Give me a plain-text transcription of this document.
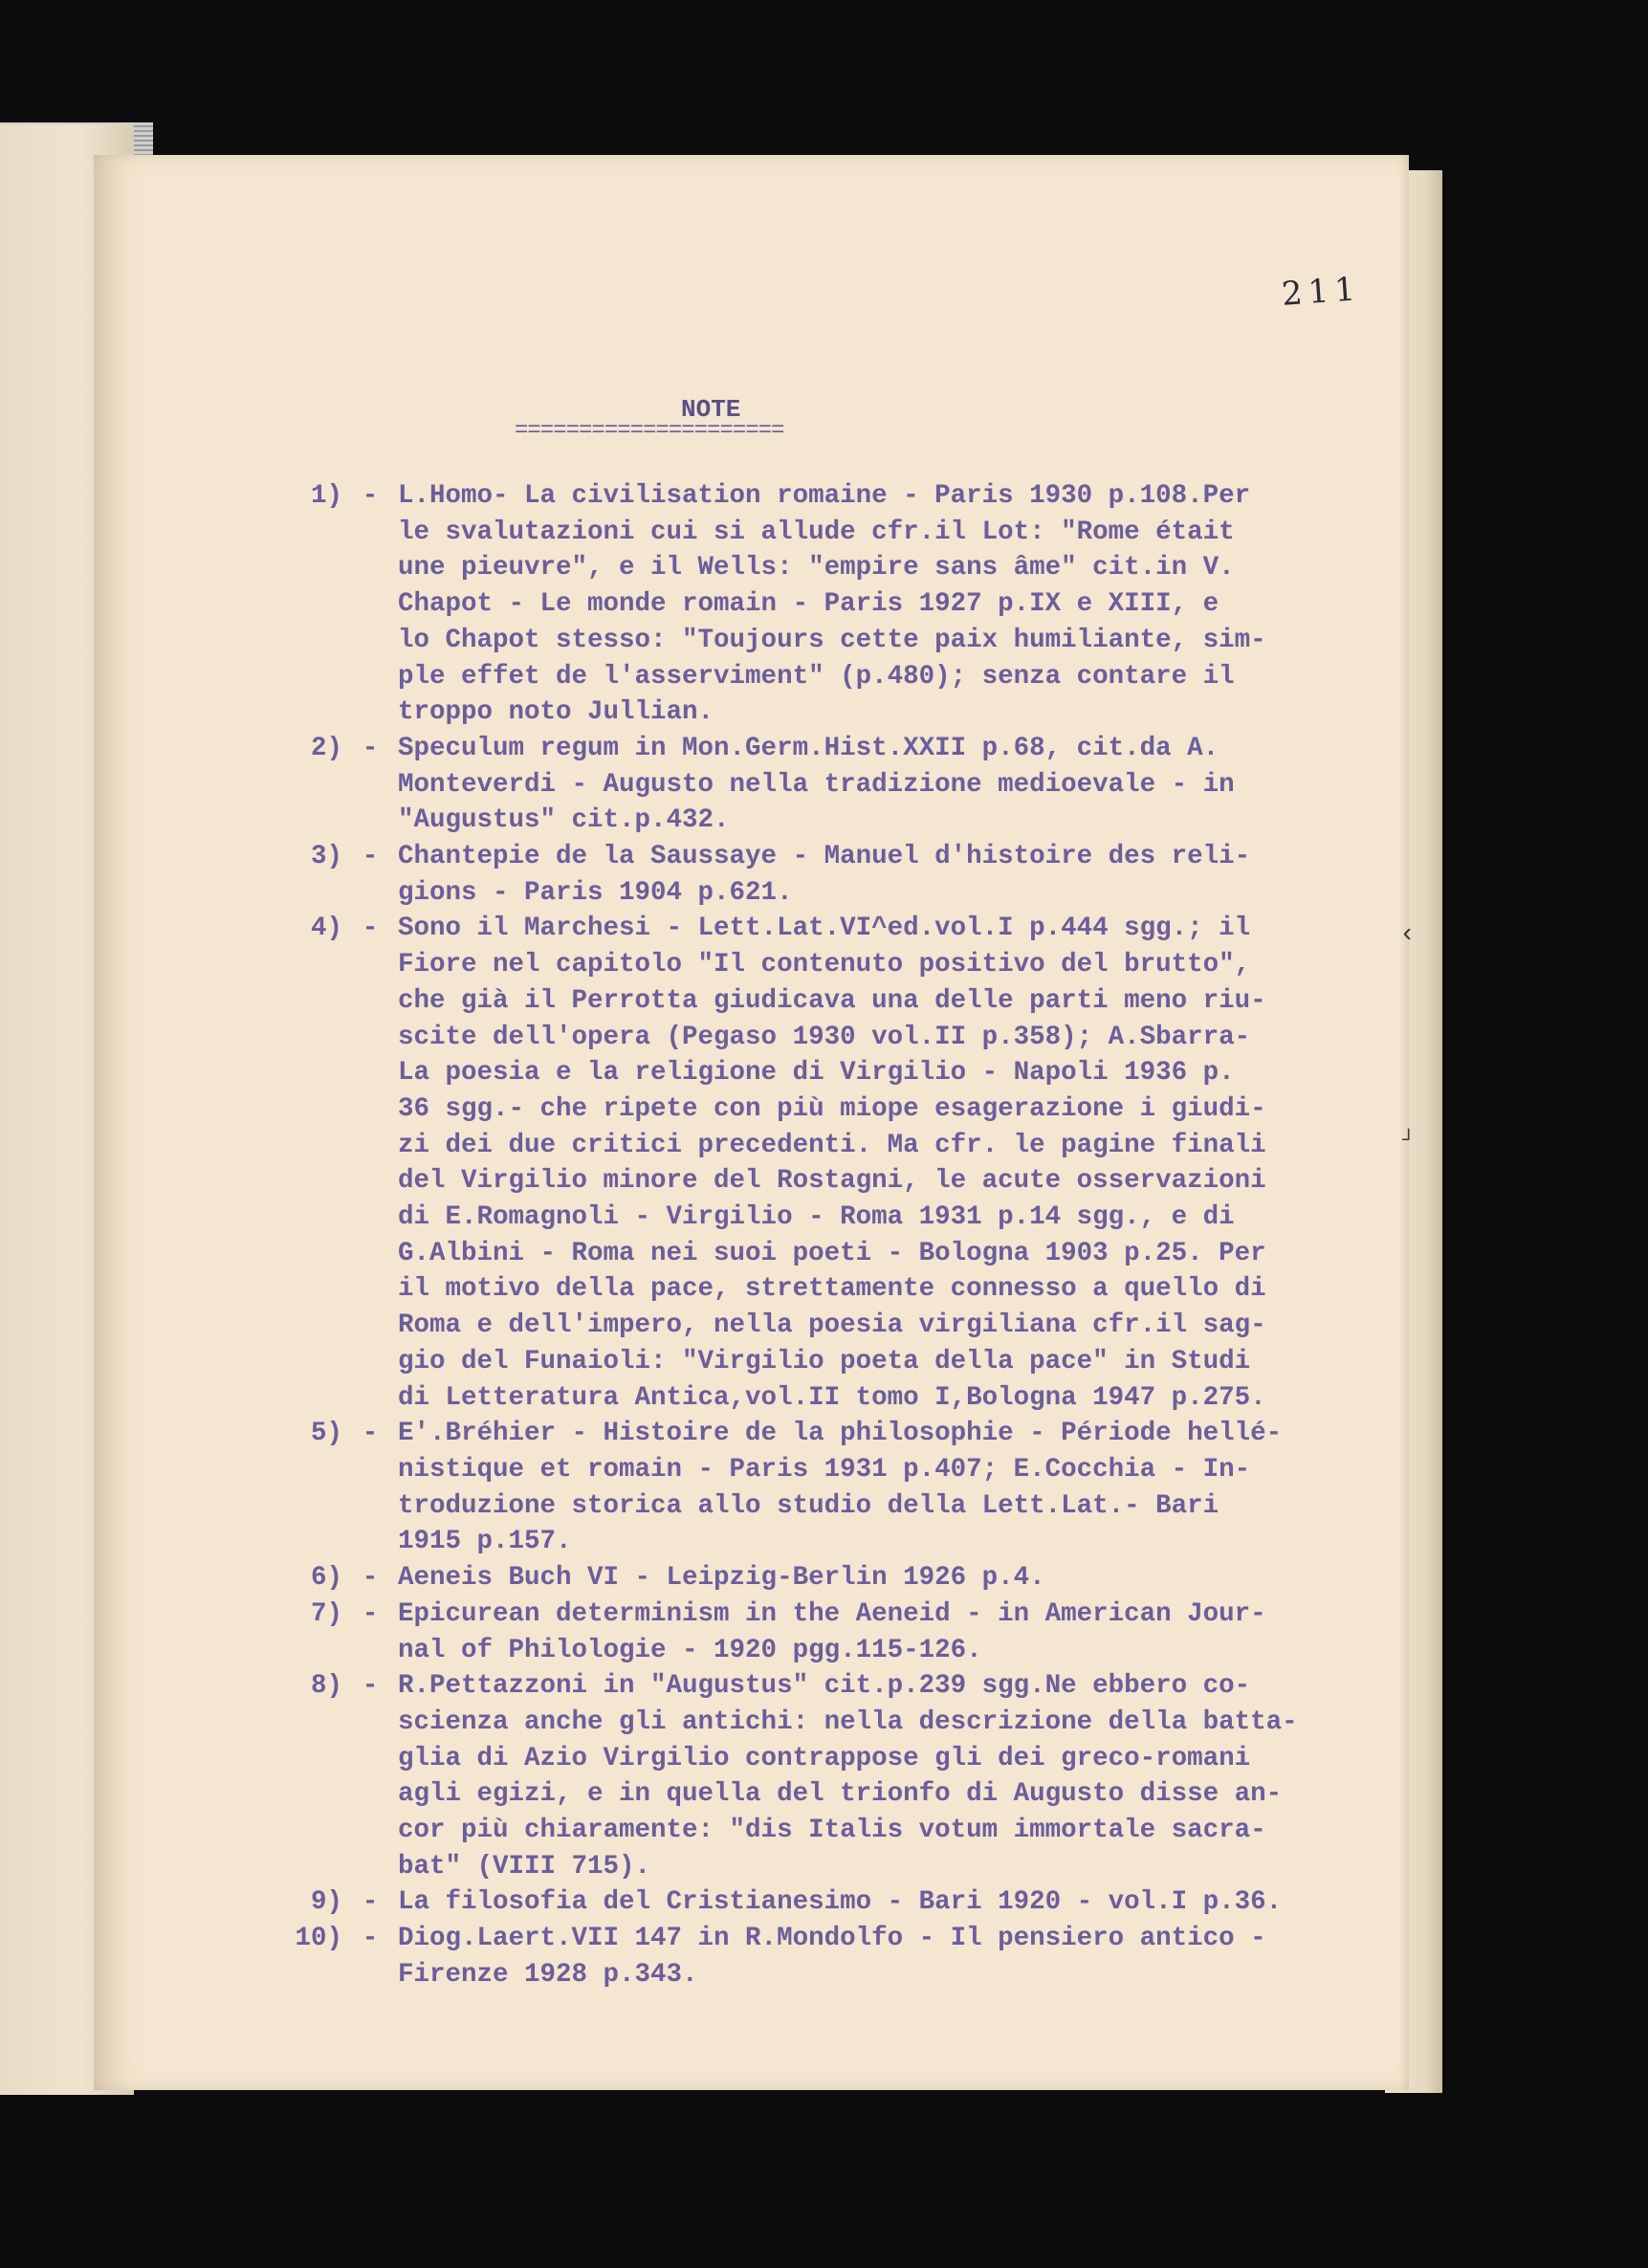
211
NOTE
=====================
1) - L.Homo- La civilisation romaine - Paris 1930 p.108.Per
le svalutazioni cui si allude cfr.il Lot: "Rome était
une pieuvre", e il Wells: "empire sans âme" cit.in V.
Chapot - Le monde romain - Paris 1927 p.IX e XIII, e
lo Chapot stesso: "Toujours cette paix humiliante, sim-
ple effet de l'asserviment" (p.480); senza contare il
troppo noto Jullian.
2) - Speculum regum in Mon.Germ.Hist.XXII p.68, cit.da A.
Monteverdi - Augusto nella tradizione medioevale - in
"Augustus" cit.p.432.
3) - Chantepie de la Saussaye - Manuel d'histoire des reli-
gions - Paris 1904 p.621.
4) - Sono il Marchesi - Lett.Lat.VI^ed.vol.I p.444 sgg.; il
Fiore nel capitolo "Il contenuto positivo del brutto",
che già il Perrotta giudicava una delle parti meno riu-
scite dell'opera (Pegaso 1930 vol.II p.358); A.Sbarra-
La poesia e la religione di Virgilio - Napoli 1936 p.
36 sgg.- che ripete con più miope esagerazione i giudi-
zi dei due critici precedenti. Ma cfr. le pagine finali
del Virgilio minore del Rostagni, le acute osservazioni
di E.Romagnoli - Virgilio - Roma 1931 p.14 sgg., e di
G.Albini - Roma nei suoi poeti - Bologna 1903 p.25. Per
il motivo della pace, strettamente connesso a quello di
Roma e dell'impero, nella poesia virgiliana cfr.il sag-
gio del Funaioli: "Virgilio poeta della pace" in Studi
di Letteratura Antica,vol.II tomo I,Bologna 1947 p.275.
5) - E'.Bréhier - Histoire de la philosophie - Période hellé-
nistique et romain - Paris 1931 p.407; E.Cocchia - In-
troduzione storica allo studio della Lett.Lat.- Bari
1915 p.157.
6) - Aeneis Buch VI - Leipzig-Berlin 1926 p.4.
7) - Epicurean determinism in the Aeneid - in American Jour-
nal of Philologie - 1920 pgg.115-126.
8) - R.Pettazzoni in "Augustus" cit.p.239 sgg.Ne ebbero co-
scienza anche gli antichi: nella descrizione della batta-
glia di Azio Virgilio contrappose gli dei greco-romani
agli egizi, e in quella del trionfo di Augusto disse an-
cor più chiaramente: "dis Italis votum immortale sacra-
bat" (VIII 715).
9) - La filosofia del Cristianesimo - Bari 1920 - vol.I p.36.
10) - Diog.Laert.VII 147 in R.Mondolfo - Il pensiero antico -
Firenze 1928 p.343.
‹
┘
